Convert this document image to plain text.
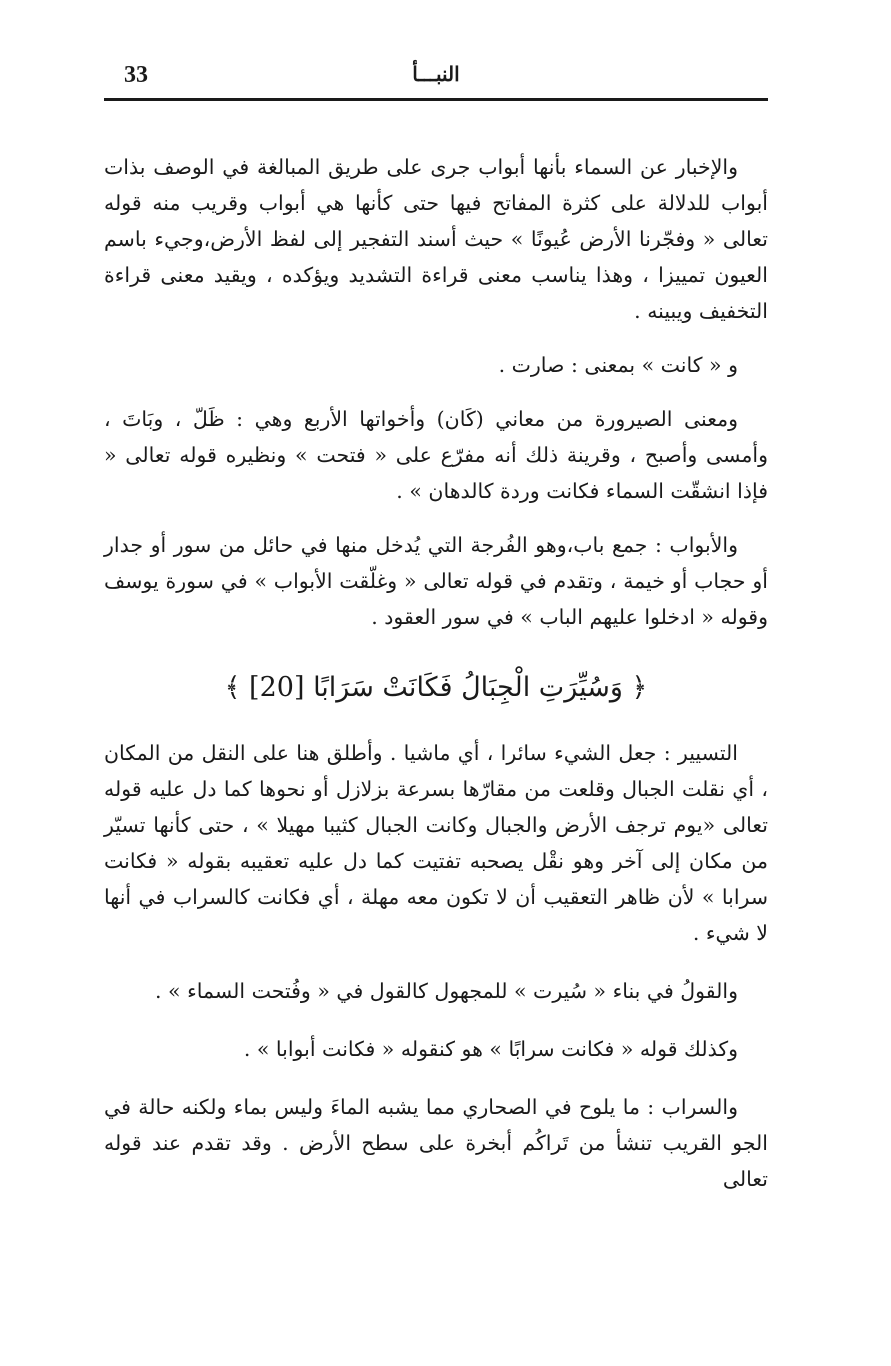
33	النبـــأ

والإخبار عن السماء بأنها أبواب جرى على طريق المبالغة في الوصف بذات أبواب للدلالة على كثرة المفاتح فيها حتى كأنها هي أبواب وقريب منه قوله تعالى « وفجّرنا الأرض عُيونًا » حيث أسند التفجير إلى لفظ الأرض،وجيء باسم العيون تمييزا ، وهذا يناسب معنى قراءة التشديد ويؤكده ، ويقيد معنى قراءة التخفيف ويبينه .

و « كانت » بمعنى : صارت .

ومعنى الصيرورة من معاني (كَان) وأخواتها الأربع وهي : ظَلّ ، وبَاتَ ، وأمسى وأصبح ، وقرينة ذلك أنه مفرّع على « فتحت » ونظيره قوله تعالى « فإذا انشقّت السماء فكانت وردة كالدهان » .

والأبواب : جمع باب،وهو الفُرجة التي يُدخل منها في حائل من سور أو جدار أو حجاب أو خيمة ، وتقدم في قوله تعالى « وغلّقت الأبواب » في سورة يوسف وقوله « ادخلوا عليهم الباب » في سور العقود .

﴿ وَسُيِّرَتِ الْجِبَالُ فَكَانَتْ سَرَابًا [20] ﴾

التسيير : جعل الشيء سائرا ، أي ماشيا . وأطلق هنا على النقل من المكان ، أي نقلت الجبال وقلعت من مقارّها بسرعة بزلازل أو نحوها كما دل عليه قوله تعالى «يوم ترجف الأرض والجبال وكانت الجبال كثيبا مهيلا » ، حتى كأنها تسيّر من مكان إلى آخر وهو نقْل يصحبه تفتيت كما دل عليه تعقيبه بقوله « فكانت سرابا » لأن ظاهر التعقيب أن لا تكون معه مهلة ، أي فكانت كالسراب في أنها لا شيء .

والقولُ في بناء « سُيرت » للمجهول كالقول في « وفُتحت السماء » .

وكذلك قوله « فكانت سرابًا » هو كنقوله « فكانت أبوابا » .

والسراب : ما يلوح في الصحاري مما يشبه الماءَ وليس بماء ولكنه حالة في الجو القريب تنشأ من تَراكُم أبخرة على سطح الأرض . وقد تقدم عند قوله تعالى
